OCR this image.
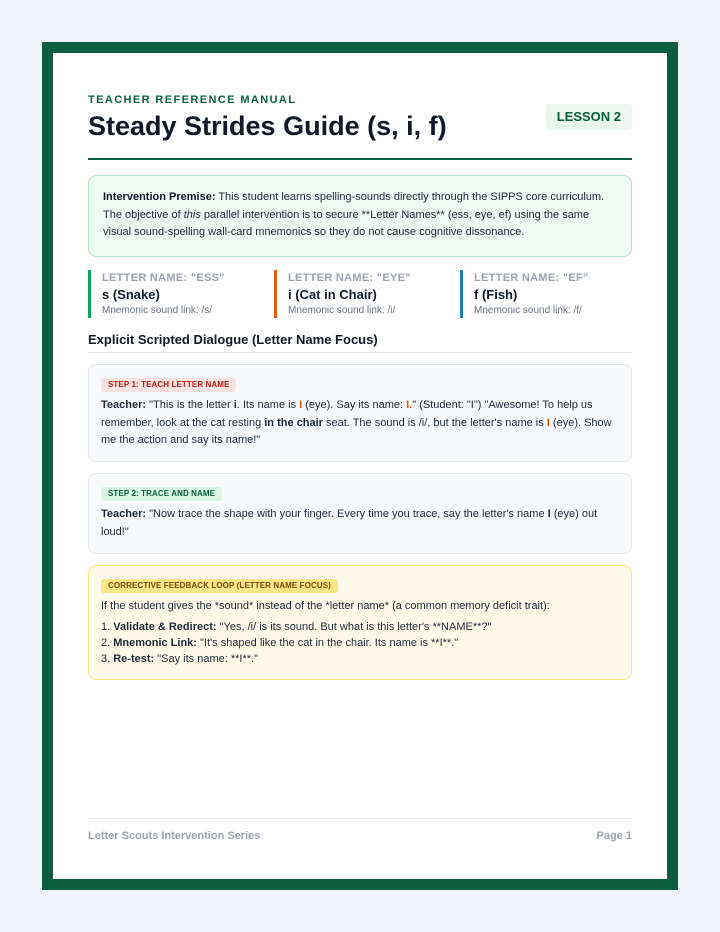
TEACHER REFERENCE MANUAL
Steady Strides Guide (s, i, f)	LESSON 2
Intervention Premise: This student learns spelling-sounds directly through the SIPPS core curriculum. The objective of this parallel intervention is to secure **Letter Names** (ess, eye, ef) using the same visual sound-spelling wall-card mnemonics so they do not cause cognitive dissonance.
LETTER NAME: "ESS"
s (Snake)
Mnemonic sound link: /s/
LETTER NAME: "EYE"
i (Cat in Chair)
Mnemonic sound link: /i/
LETTER NAME: "EF"
f (Fish)
Mnemonic sound link: /f/
Explicit Scripted Dialogue (Letter Name Focus)
STEP 1: TEACH LETTER NAME
Teacher: "This is the letter i. Its name is I (eye). Say its name: I." (Student: "I") "Awesome! To help us remember, look at the cat resting in the chair seat. The sound is /i/, but the letter's name is I (eye). Show me the action and say its name!"
STEP 2: TRACE AND NAME
Teacher: "Now trace the shape with your finger. Every time you trace, say the letter's name I (eye) out loud!"
CORRECTIVE FEEDBACK LOOP (LETTER NAME FOCUS)
If the student gives the *sound* instead of the *letter name* (a common memory deficit trait):
1. Validate & Redirect: "Yes, /i/ is its sound. But what is this letter's **NAME**?"
2. Mnemonic Link: "It's shaped like the cat in the chair. Its name is **I**."
3. Re-test: "Say its name: **I**."
Letter Scouts Intervention Series	Page 1
